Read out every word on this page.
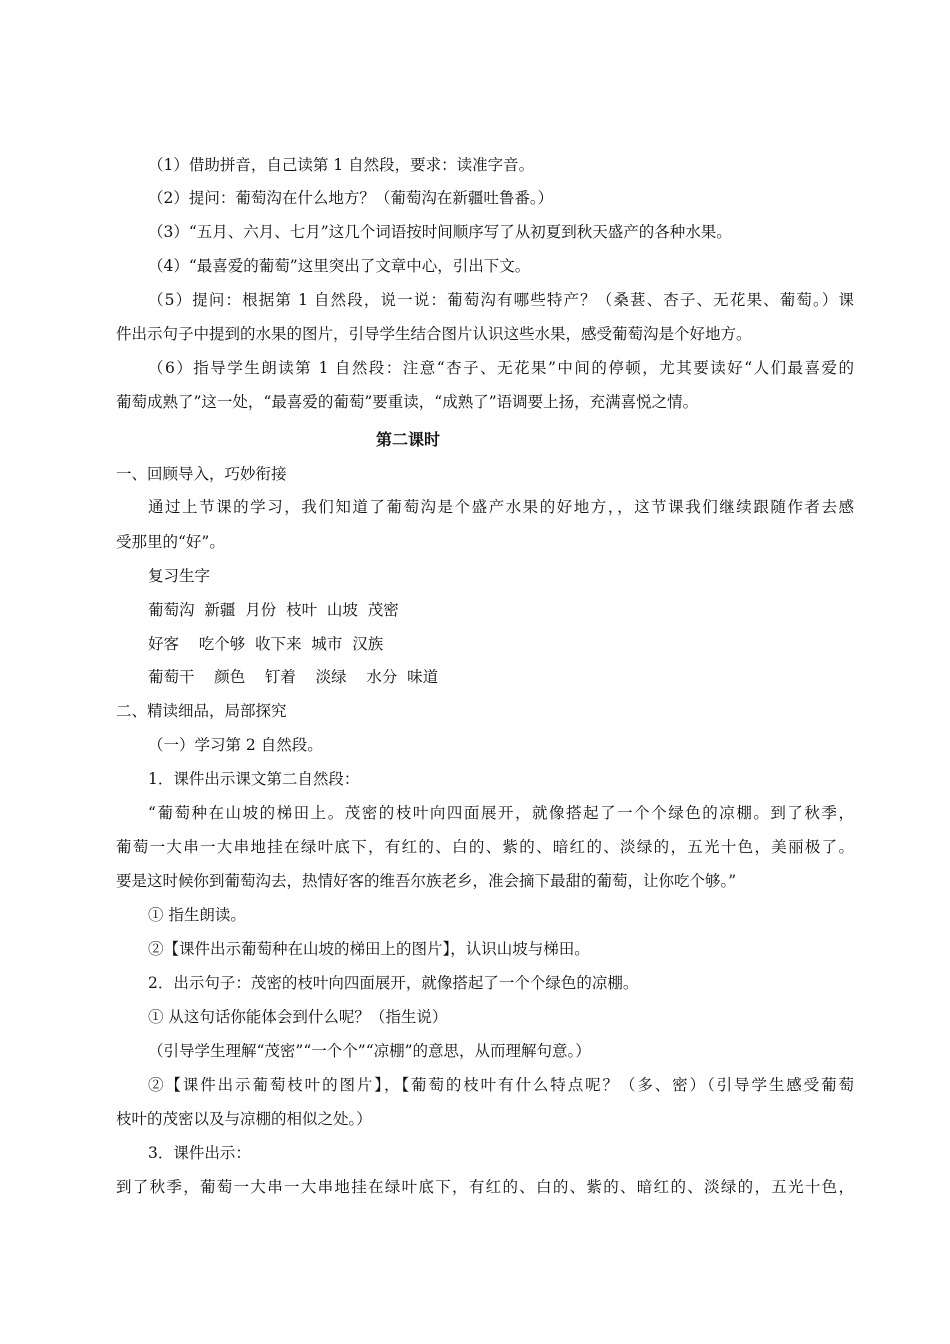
（1）借助拼音，自己读第 1 自然段，要求：读准字音。
（2）提问：葡萄沟在什么地方？（葡萄沟在新疆吐鲁番。）
（3）“五月、六月、七月”这几个词语按时间顺序写了从初夏到秋天盛产的各种水果。
（4）“最喜爱的葡萄”这里突出了文章中心，引出下文。
（5）提问：根据第 1 自然段，说一说：葡萄沟有哪些特产？（桑葚、杏子、无花果、葡萄。）课
件出示句子中提到的水果的图片，引导学生结合图片认识这些水果，感受葡萄沟是个好地方。
（6）指导学生朗读第 1 自然段：注意“杏子、无花果”中间的停顿，尤其要读好“人们最喜爱的
葡萄成熟了”这一处，“最喜爱的葡萄”要重读，“成熟了”语调要上扬，充满喜悦之情。
第二课时
一、回顾导入，巧妙衔接
通过上节课的学习，我们知道了葡萄沟是个盛产水果的好地方，，这节课我们继续跟随作者去感
受那里的“好”。
复习生字
葡萄沟  新疆  月份  枝叶  山坡  茂密
好客    吃个够  收下来  城市  汉族
葡萄干    颜色    钉着    淡绿    水分  味道
二、精读细品，局部探究
（一）学习第 2 自然段。
1．课件出示课文第二自然段：
“葡萄种在山坡的梯田上。茂密的枝叶向四面展开，就像搭起了一个个绿色的凉棚。到了秋季，
葡萄一大串一大串地挂在绿叶底下，有红的、白的、紫的、暗红的、淡绿的，五光十色，美丽极了。
要是这时候你到葡萄沟去，热情好客的维吾尔族老乡，准会摘下最甜的葡萄，让你吃个够。”
① 指生朗读。
②【课件出示葡萄种在山坡的梯田上的图片】，认识山坡与梯田。
2．出示句子：茂密的枝叶向四面展开，就像搭起了一个个绿色的凉棚。
① 从这句话你能体会到什么呢？（指生说）
（引导学生理解“茂密”“一个个”“凉棚”的意思，从而理解句意。）
②【课件出示葡萄枝叶的图片】，【葡萄的枝叶有什么特点呢？（多、密）（引导学生感受葡萄
枝叶的茂密以及与凉棚的相似之处。）
3．课件出示：
到了秋季，葡萄一大串一大串地挂在绿叶底下，有红的、白的、紫的、暗红的、淡绿的，五光十色，
